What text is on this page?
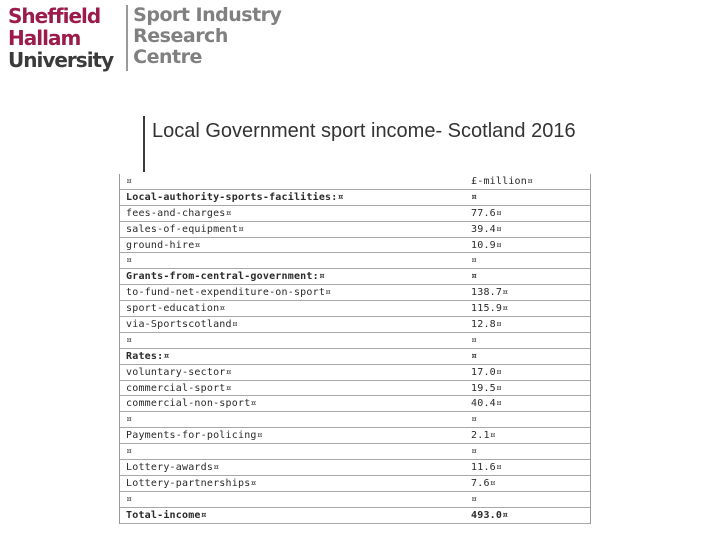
Sheffield
Hallam
University
Sport Industry
Research
Centre
Local Government sport income- Scotland 2016
¤	£-million¤
Local-authority-sports-facilities:¤	¤
fees-and-charges¤	77.6¤
sales-of-equipment¤	39.4¤
ground-hire¤	10.9¤
¤	¤
Grants-from-central-government:¤	¤
to-fund-net-expenditure-on-sport¤	138.7¤
sport-education¤	115.9¤
via-Sportscotland¤	12.8¤
¤	¤
Rates:¤	¤
voluntary-sector¤	17.0¤
commercial-sport¤	19.5¤
commercial-non-sport¤	40.4¤
¤	¤
Payments-for-policing¤	2.1¤
¤	¤
Lottery-awards¤	11.6¤
Lottery-partnerships¤	7.6¤
¤	¤
Total-income¤	493.0¤
